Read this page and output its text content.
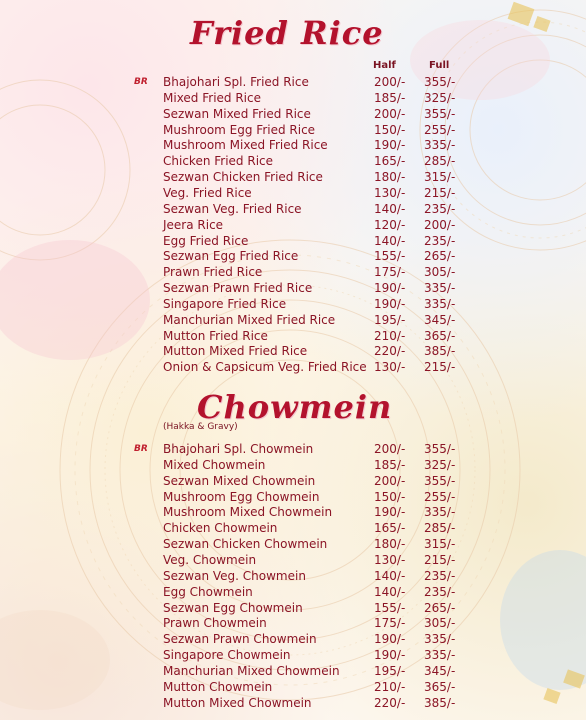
Fried Rice
Half	Full
BR Bhajohari Spl. Fried Rice	200/- 355/-
Mixed Fried Rice	185/- 325/-
Sezwan Mixed Fried Rice	200/- 355/-
Mushroom Egg Fried Rice	150/- 255/-
Mushroom Mixed Fried Rice	190/- 335/-
Chicken Fried Rice	165/- 285/-
Sezwan Chicken Fried Rice	180/- 315/-
Veg. Fried Rice	130/- 215/-
Sezwan Veg. Fried Rice	140/- 235/-
Jeera Rice	120/- 200/-
Egg Fried Rice	140/- 235/-
Sezwan Egg Fried Rice	155/- 265/-
Prawn Fried Rice	175/- 305/-
Sezwan Prawn Fried Rice	190/- 335/-
Singapore Fried Rice	190/- 335/-
Manchurian Mixed Fried Rice	195/- 345/-
Mutton Fried Rice	210/- 365/-
Mutton Mixed Fried Rice	220/- 385/-
Onion & Capsicum Veg. Fried Rice 130/- 215/-
Chowmein
(Hakka & Gravy)
BR Bhajohari Spl. Chowmein	200/- 355/-
Mixed Chowmein	185/- 325/-
Sezwan Mixed Chowmein	200/- 355/-
Mushroom Egg Chowmein	150/- 255/-
Mushroom Mixed Chowmein	190/- 335/-
Chicken Chowmein	165/- 285/-
Sezwan Chicken Chowmein	180/- 315/-
Veg. Chowmein	130/- 215/-
Sezwan Veg. Chowmein	140/- 235/-
Egg Chowmein	140/- 235/-
Sezwan Egg Chowmein	155/- 265/-
Prawn Chowmein	175/- 305/-
Sezwan Prawn Chowmein	190/- 335/-
Singapore Chowmein	190/- 335/-
Manchurian Mixed Chowmein	195/- 345/-
Mutton Chowmein	210/- 365/-
Mutton Mixed Chowmein	220/- 385/-
